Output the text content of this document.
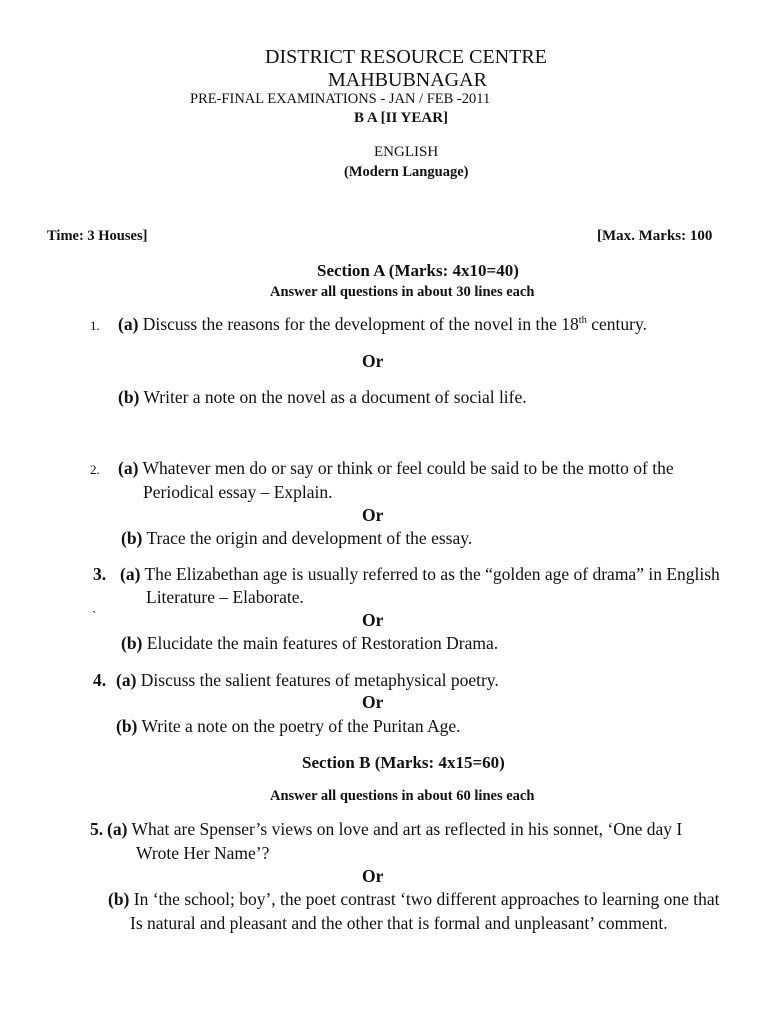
DISTRICT RESOURCE CENTRE
MAHBUBNAGAR
PRE-FINAL EXAMINATIONS - JAN / FEB -2011
B A [II YEAR]
ENGLISH
(Modern Language)
Time: 3 Houses]	[Max. Marks: 100
Section A (Marks: 4x10=40)
Answer all questions in about 30 lines each
1. (a) Discuss the reasons for the development of the novel in the 18th century.
Or
(b) Writer a note on the novel as a document of social life.
2. (a) Whatever men do or say or think or feel could be said to be the motto of the
Periodical essay – Explain.
Or
(b) Trace the origin and development of the essay.
3. (a) The Elizabethan age is usually referred to as the “golden age of drama” in English
Literature – Elaborate.
`	Or
(b) Elucidate the main features of Restoration Drama.
4. (a) Discuss the salient features of metaphysical poetry.
Or
(b) Write a note on the poetry of the Puritan Age.
Section B (Marks: 4x15=60)
Answer all questions in about 60 lines each
5. (a) What are Spenser’s views on love and art as reflected in his sonnet, ‘One day I
Wrote Her Name’?
Or
(b) In ‘the school; boy’, the poet contrast ‘two different approaches to learning one that
Is natural and pleasant and the other that is formal and unpleasant’ comment.
